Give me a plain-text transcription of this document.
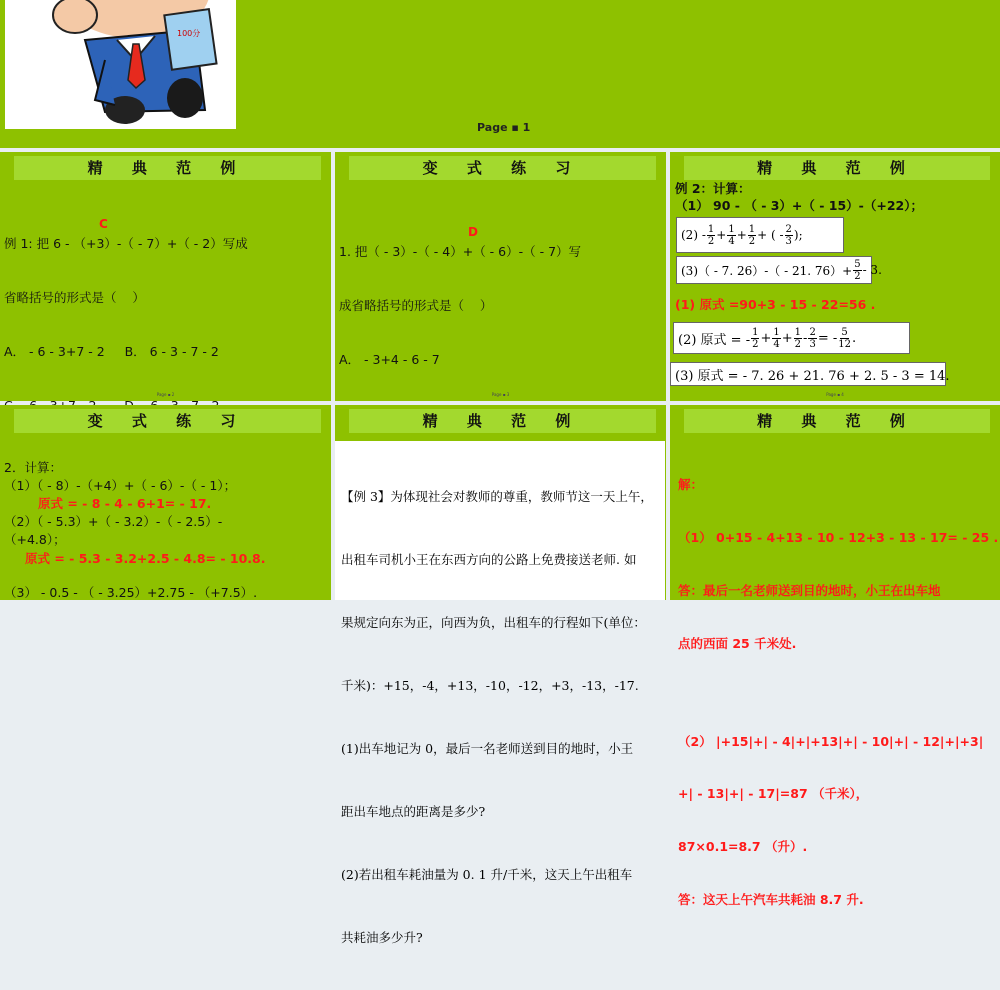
100分
Page ▪ 1
精 典 范 例

例 1: 把 6 - （+3）-（ - 7）+（ - 2）写成

省略括号的形式是（    ）

A． - 6 - 3+7 - 2     B． 6 - 3 - 7 - 2

C
Page ▪ 2
变 式 练 习

1. 把（ - 3）-（ - 4）+（ - 6）-（ - 7）写

成省略括号的形式是（    ）

A． - 3+4 - 6 - 7

D
Page ▪ 3
精 典 范 例
例 2：计算：
（1） 90 - （ - 3）+（ - 15）-（+22）；
$(2) - \frac{1}{2} + \frac{1}{4} + \frac{1}{2}$ + ( - $\frac{2}{3}$ );
(3)（ - 7. 26）-（ - 21. $76)+ \frac{5}{2} - 3$.
(1) 原式 =90+3 - 15 - 22=56 .
(2) 原式 = - $\frac{1}{2} + \frac{1}{4} + \frac{1}{2} - \frac{2}{3}$ = - $\frac{5}{12}$ .
(3) 原式 = - 7. 26 + 21. 76 + 2. 5 - 3 = 14.
Page ▪ 4
变 式 练 习
2．计算：
（1）（ - 8）-（+4）+（ - 6）-（ - 1）；
原式 = - 8 - 4 - 6+1= - 17.
（2）（ - 5.3）+（ - 3.2）-（ - 2.5）-
（+4.8）；
原式 = - 5.3 - 3.2+2.5 - 4.8= - 10.8.
（3） - 0.5 - （ - 3.25）+2.75 - （+7.5）.
精 典 范 例

【例 3】为体现社会对教师的尊重，教师节这一天上午，

出租车司机小王在东西方向的公路上免费接送老师. 如

果规定向东为正，向西为负，出租车的行程如下(单位：

千米)：+15，-4，+13，-10，-12，+3，-13，-17.

(1)出车地记为 0，最后一名老师送到目的地时，小王

距出车地点的距离是多少?

(2)若出租车耗油量为 0. 1 升/千米，这天上午出租车

共耗油多少升?

精 典 范 例

解：

（1） 0+15 - 4+13 - 10 - 12+3 - 13 - 17= - 25 .

答：最后一名老师送到目的地时，小王在出车地

点的西面 25 千米处.

（2） |+15|+| - 4|+|+13|+| - 10|+| - 12|+|+3|

+| - 13|+| - 17|=87 （千米），

87×0.1=8.7 （升）.

答：这天上午汽车共耗油 8.7 升.
